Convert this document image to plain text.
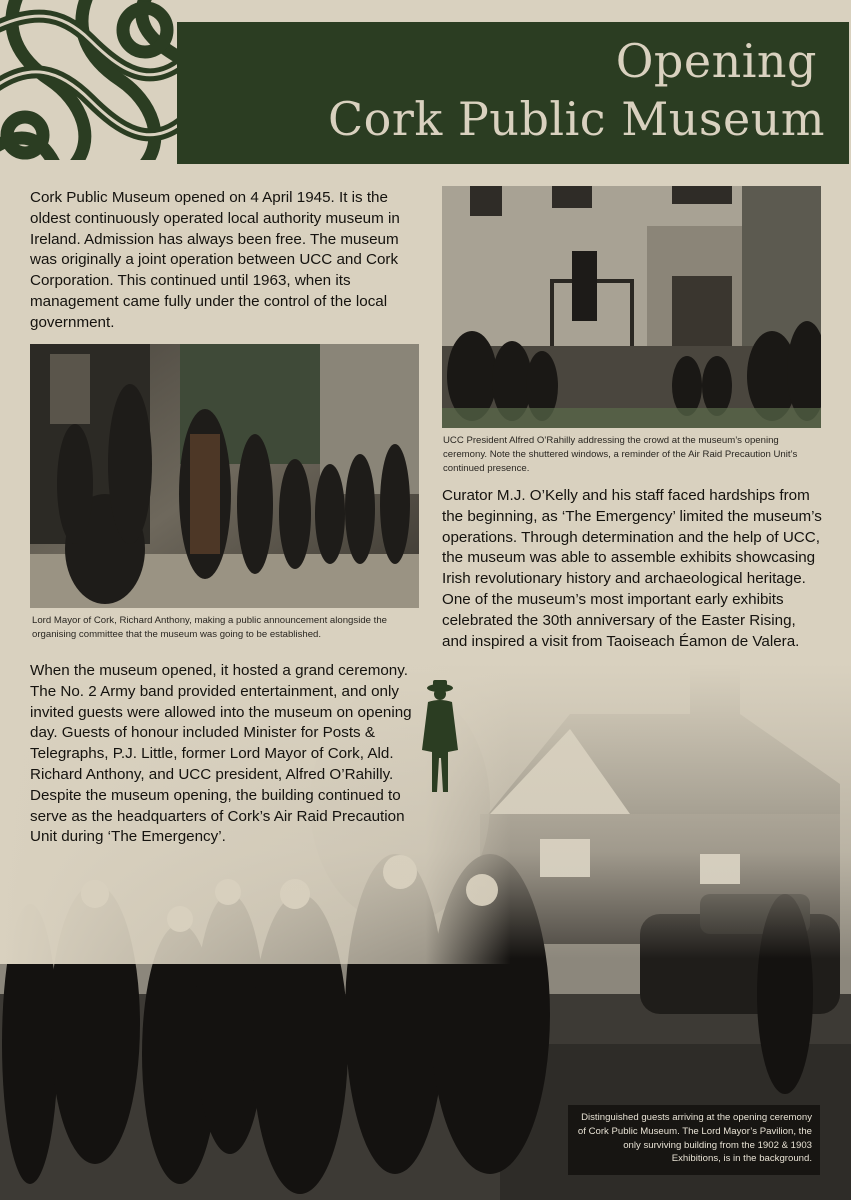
Opening
Cork Public Museum

Cork Public Museum opened on 4 April 1945. It is the oldest continuously operated local authority museum in Ireland. Admission has always been free. The museum was originally a joint operation between UCC and Cork Corporation. This continued until 1963, when its management came fully under the control of the local government.

Lord Mayor of Cork, Richard Anthony, making a public announcement alongside the organising committee that the museum was going to be established.

UCC President Alfred O’Rahilly addressing the crowd at the museum’s opening ceremony. Note the shuttered windows, a reminder of the Air Raid Precaution Unit’s continued presence.

Curator M.J. O’Kelly and his staff faced hardships from the beginning, as ‘The Emergency’ limited the museum’s operations. Through determination and the help of UCC, the museum was able to assemble exhibits showcasing Irish revolutionary history and archaeological heritage. One of the museum’s most important early exhibits celebrated the 30th anniversary of the Easter Rising, and inspired a visit from Taoiseach Éamon de Valera.

When the museum opened, it hosted a grand ceremony. The No. 2 Army band provided entertainment, and only invited guests were allowed into the museum on opening day. Guests of honour included Minister for Posts & Telegraphs, P.J. Little, former Lord Mayor of Cork, Ald. Richard Anthony, and UCC president, Alfred O’Rahilly. Despite the museum opening, the building continued to serve as the headquarters of Cork’s Air Raid Precaution Unit during ‘The Emergency’.

Distinguished guests arriving at the opening ceremony of Cork Public Museum. The Lord Mayor’s Pavilion, the only surviving building from the 1902 & 1903 Exhibitions, is in the background.
